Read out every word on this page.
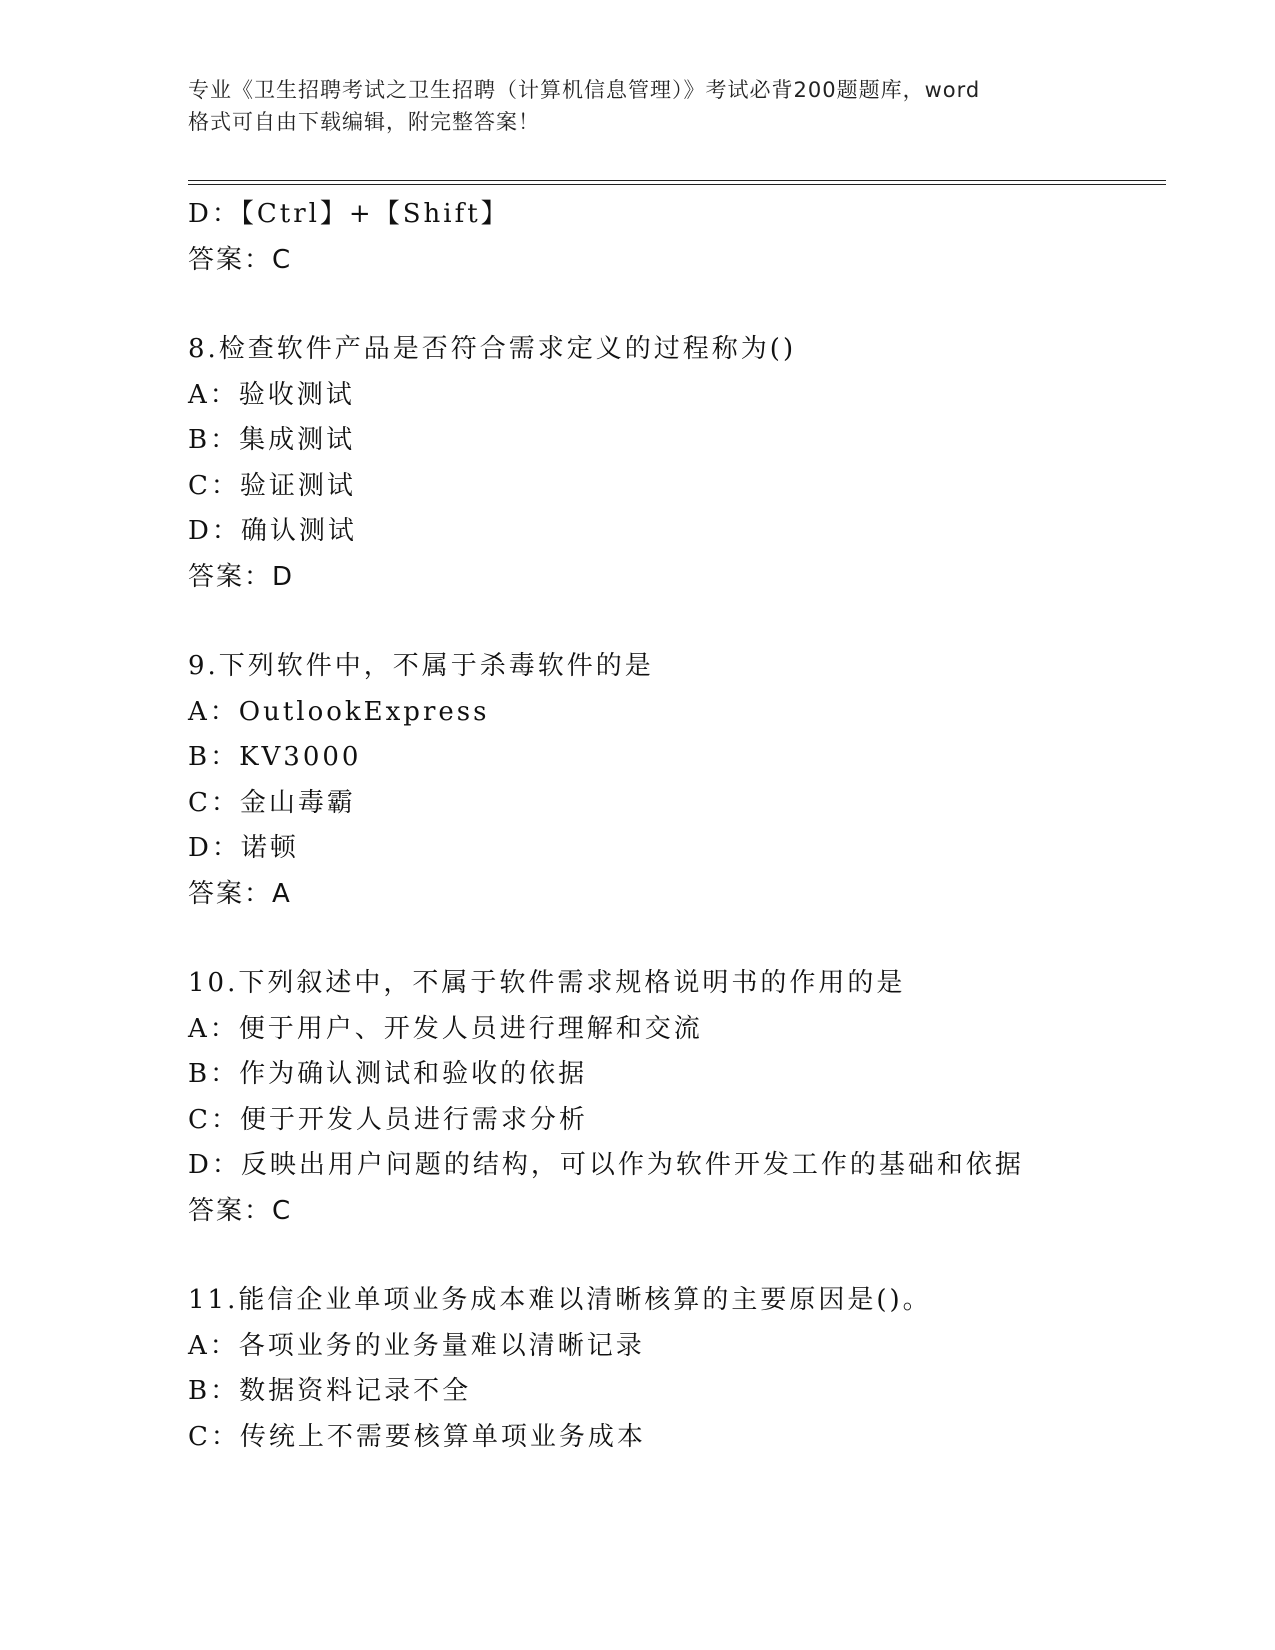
专业《卫生招聘考试之卫生招聘（计算机信息管理）》考试必背200题题库，word
格式可自由下载编辑，附完整答案！
D：【Ctrl】+【Shift】
答案：C
8.检查软件产品是否符合需求定义的过程称为()
A：验收测试
B：集成测试
C：验证测试
D：确认测试
答案：D
9.下列软件中，不属于杀毒软件的是
A：OutlookExpress
B：KV3000
C：金山毒霸
D：诺顿
答案：A
10.下列叙述中，不属于软件需求规格说明书的作用的是
A：便于用户、开发人员进行理解和交流
B：作为确认测试和验收的依据
C：便于开发人员进行需求分析
D：反映出用户问题的结构，可以作为软件开发工作的基础和依据
答案：C
11.能信企业单项业务成本难以清晰核算的主要原因是()。
A：各项业务的业务量难以清晰记录
B：数据资料记录不全
C：传统上不需要核算单项业务成本
